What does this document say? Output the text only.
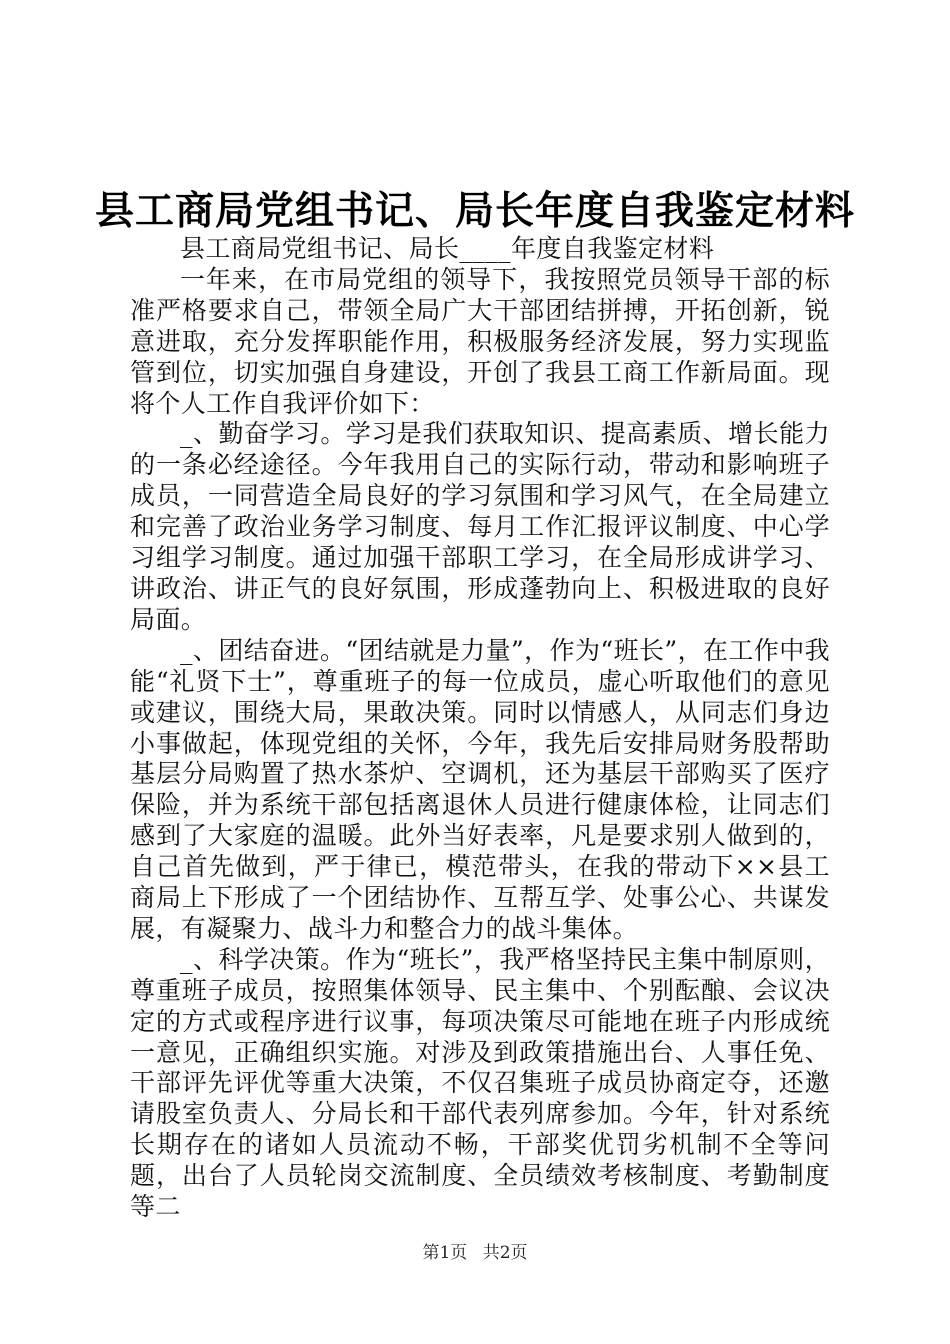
县工商局党组书记、局长年度自我鉴定材料

县工商局党组书记、局长____年度自我鉴定材料

一年来，在市局党组的领导下，我按照党员领导干部的标准严格要求自己，带领全局广大干部团结拼搏，开拓创新，锐意进取，充分发挥职能作用，积极服务经济发展，努力实现监管到位，切实加强自身建设，开创了我县工商工作新局面。现将个人工作自我评价如下：

_、勤奋学习。学习是我们获取知识、提高素质、增长能力的一条必经途径。今年我用自己的实际行动，带动和影响班子成员，一同营造全局良好的学习氛围和学习风气，在全局建立和完善了政治业务学习制度、每月工作汇报评议制度、中心学习组学习制度。通过加强干部职工学习，在全局形成讲学习、讲政治、讲正气的良好氛围，形成蓬勃向上、积极进取的良好局面。

_、团结奋进。“团结就是力量”，作为“班长”，在工作中我能“礼贤下士”，尊重班子的每一位成员，虚心听取他们的意见或建议，围绕大局，果敢决策。同时以情感人，从同志们身边小事做起，体现党组的关怀，今年，我先后安排局财务股帮助基层分局购置了热水茶炉、空调机，还为基层干部购买了医疗保险，并为系统干部包括离退休人员进行健康体检，让同志们感到了大家庭的温暖。此外当好表率，凡是要求别人做到的，自己首先做到，严于律已，模范带头，在我的带动下××县工商局上下形成了一个团结协作、互帮互学、处事公心、共谋发展，有凝聚力、战斗力和整合力的战斗集体。

_、科学决策。作为“班长”，我严格坚持民主集中制原则，尊重班子成员，按照集体领导、民主集中、个别酝酿、会议决定的方式或程序进行议事，每项决策尽可能地在班子内形成统一意见，正确组织实施。对涉及到政策措施出台、人事任免、干部评先评优等重大决策，不仅召集班子成员协商定夺，还邀请股室负责人、分局长和干部代表列席参加。今年，针对系统长期存在的诸如人员流动不畅，干部奖优罚劣机制不全等问题，出台了人员轮岗交流制度、全员绩效考核制度、考勤制度等二

第1页 共2页
